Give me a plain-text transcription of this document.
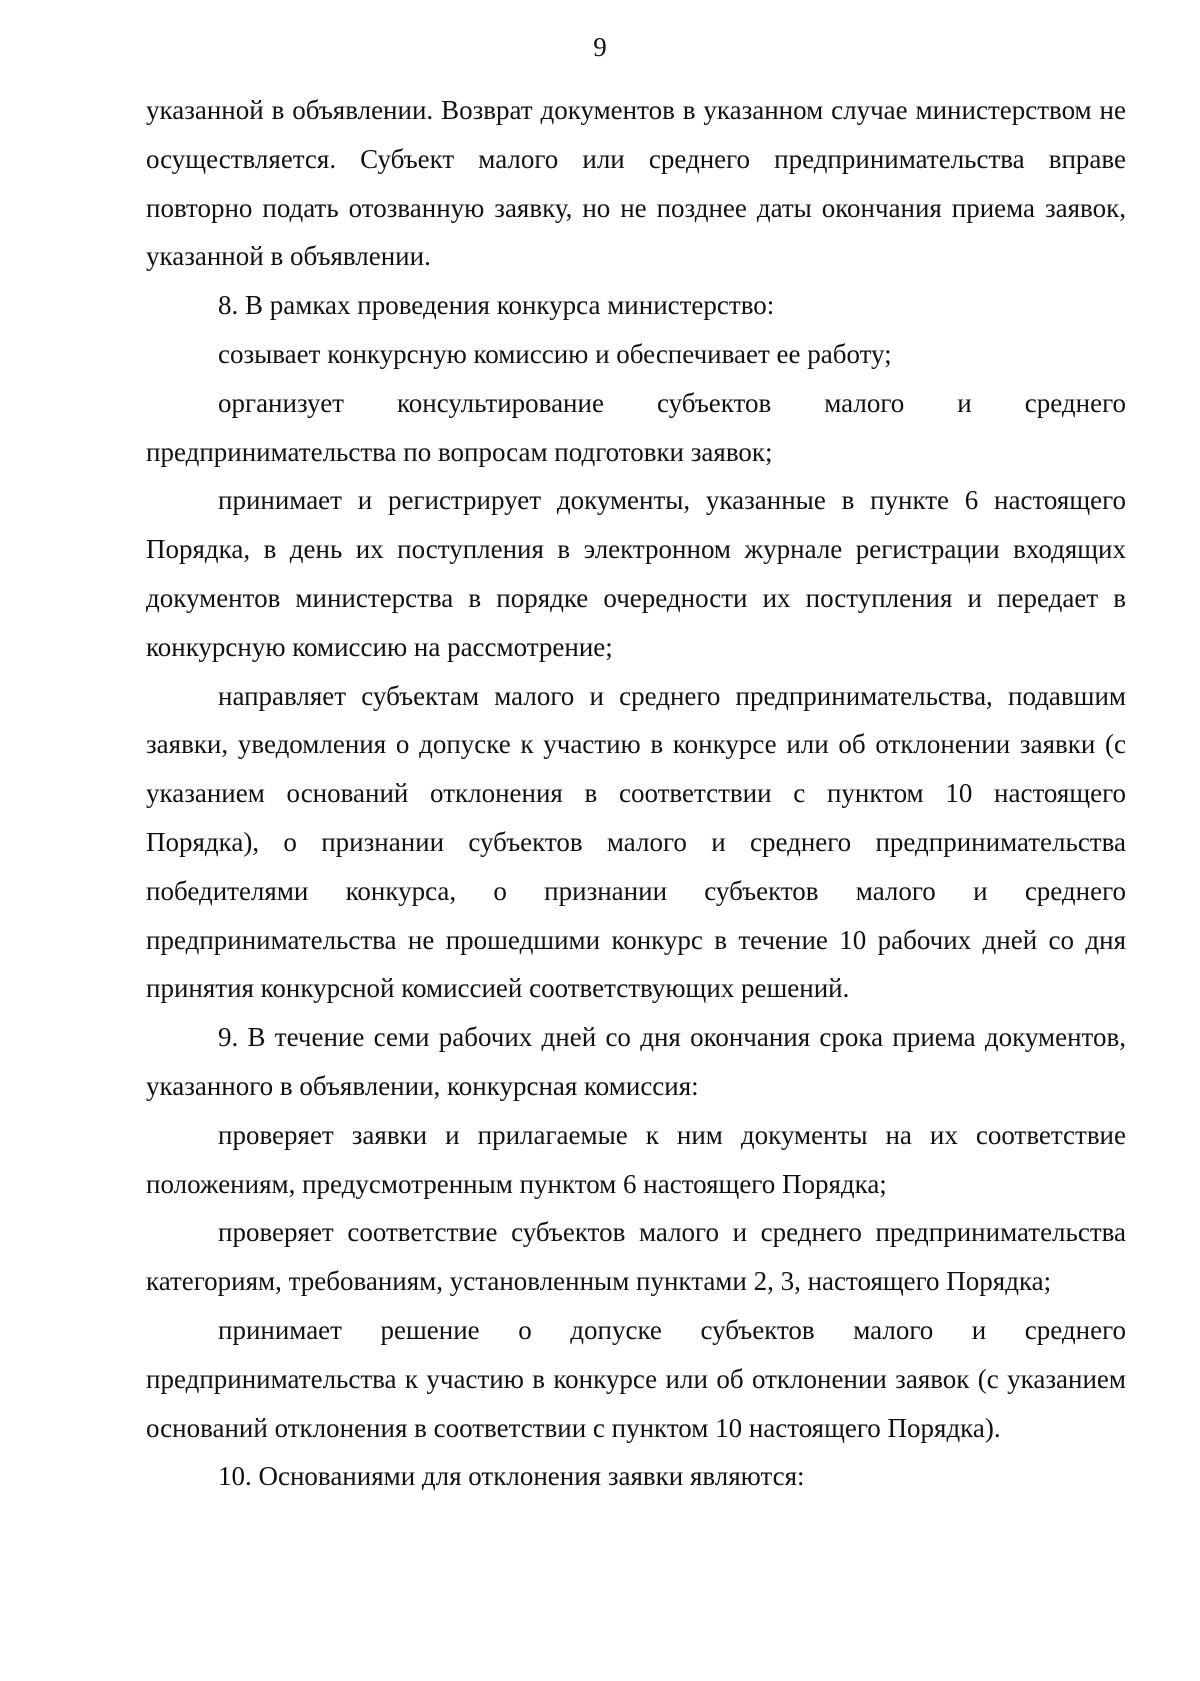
9

указанной в объявлении. Возврат документов в указанном случае министерством не осуществляется. Субъект малого или среднего предпринимательства вправе повторно подать отозванную заявку, но не позднее даты окончания приема заявок, указанной в объявлении.

8. В рамках проведения конкурса министерство:

созывает конкурсную комиссию и обеспечивает ее работу;

организует консультирование субъектов малого и среднего предпринимательства по вопросам подготовки заявок;

принимает и регистрирует документы, указанные в пункте 6 настоящего Порядка, в день их поступления в электронном журнале регистрации входящих документов министерства в порядке очередности их поступления и передает в конкурсную комиссию на рассмотрение;

направляет субъектам малого и среднего предпринимательства, подавшим заявки, уведомления о допуске к участию в конкурсе или об отклонении заявки (с указанием оснований отклонения в соответствии с пунктом 10 настоящего Порядка), о признании субъектов малого и среднего предпринимательства победителями конкурса, о признании субъектов малого и среднего предпринимательства не прошедшими конкурс в течение 10 рабочих дней со дня принятия конкурсной комиссией соответствующих решений.

9. В течение семи рабочих дней со дня окончания срока приема документов, указанного в объявлении, конкурсная комиссия:

проверяет заявки и прилагаемые к ним документы на их соответствие положениям, предусмотренным пунктом 6 настоящего Порядка;

проверяет соответствие субъектов малого и среднего предпринимательства категориям, требованиям, установленным пунктами 2, 3, настоящего Порядка;

принимает решение о допуске субъектов малого и среднего предпринимательства к участию в конкурсе или об отклонении заявок (с указанием оснований отклонения в соответствии с пунктом 10 настоящего Порядка).

10. Основаниями для отклонения заявки являются:
